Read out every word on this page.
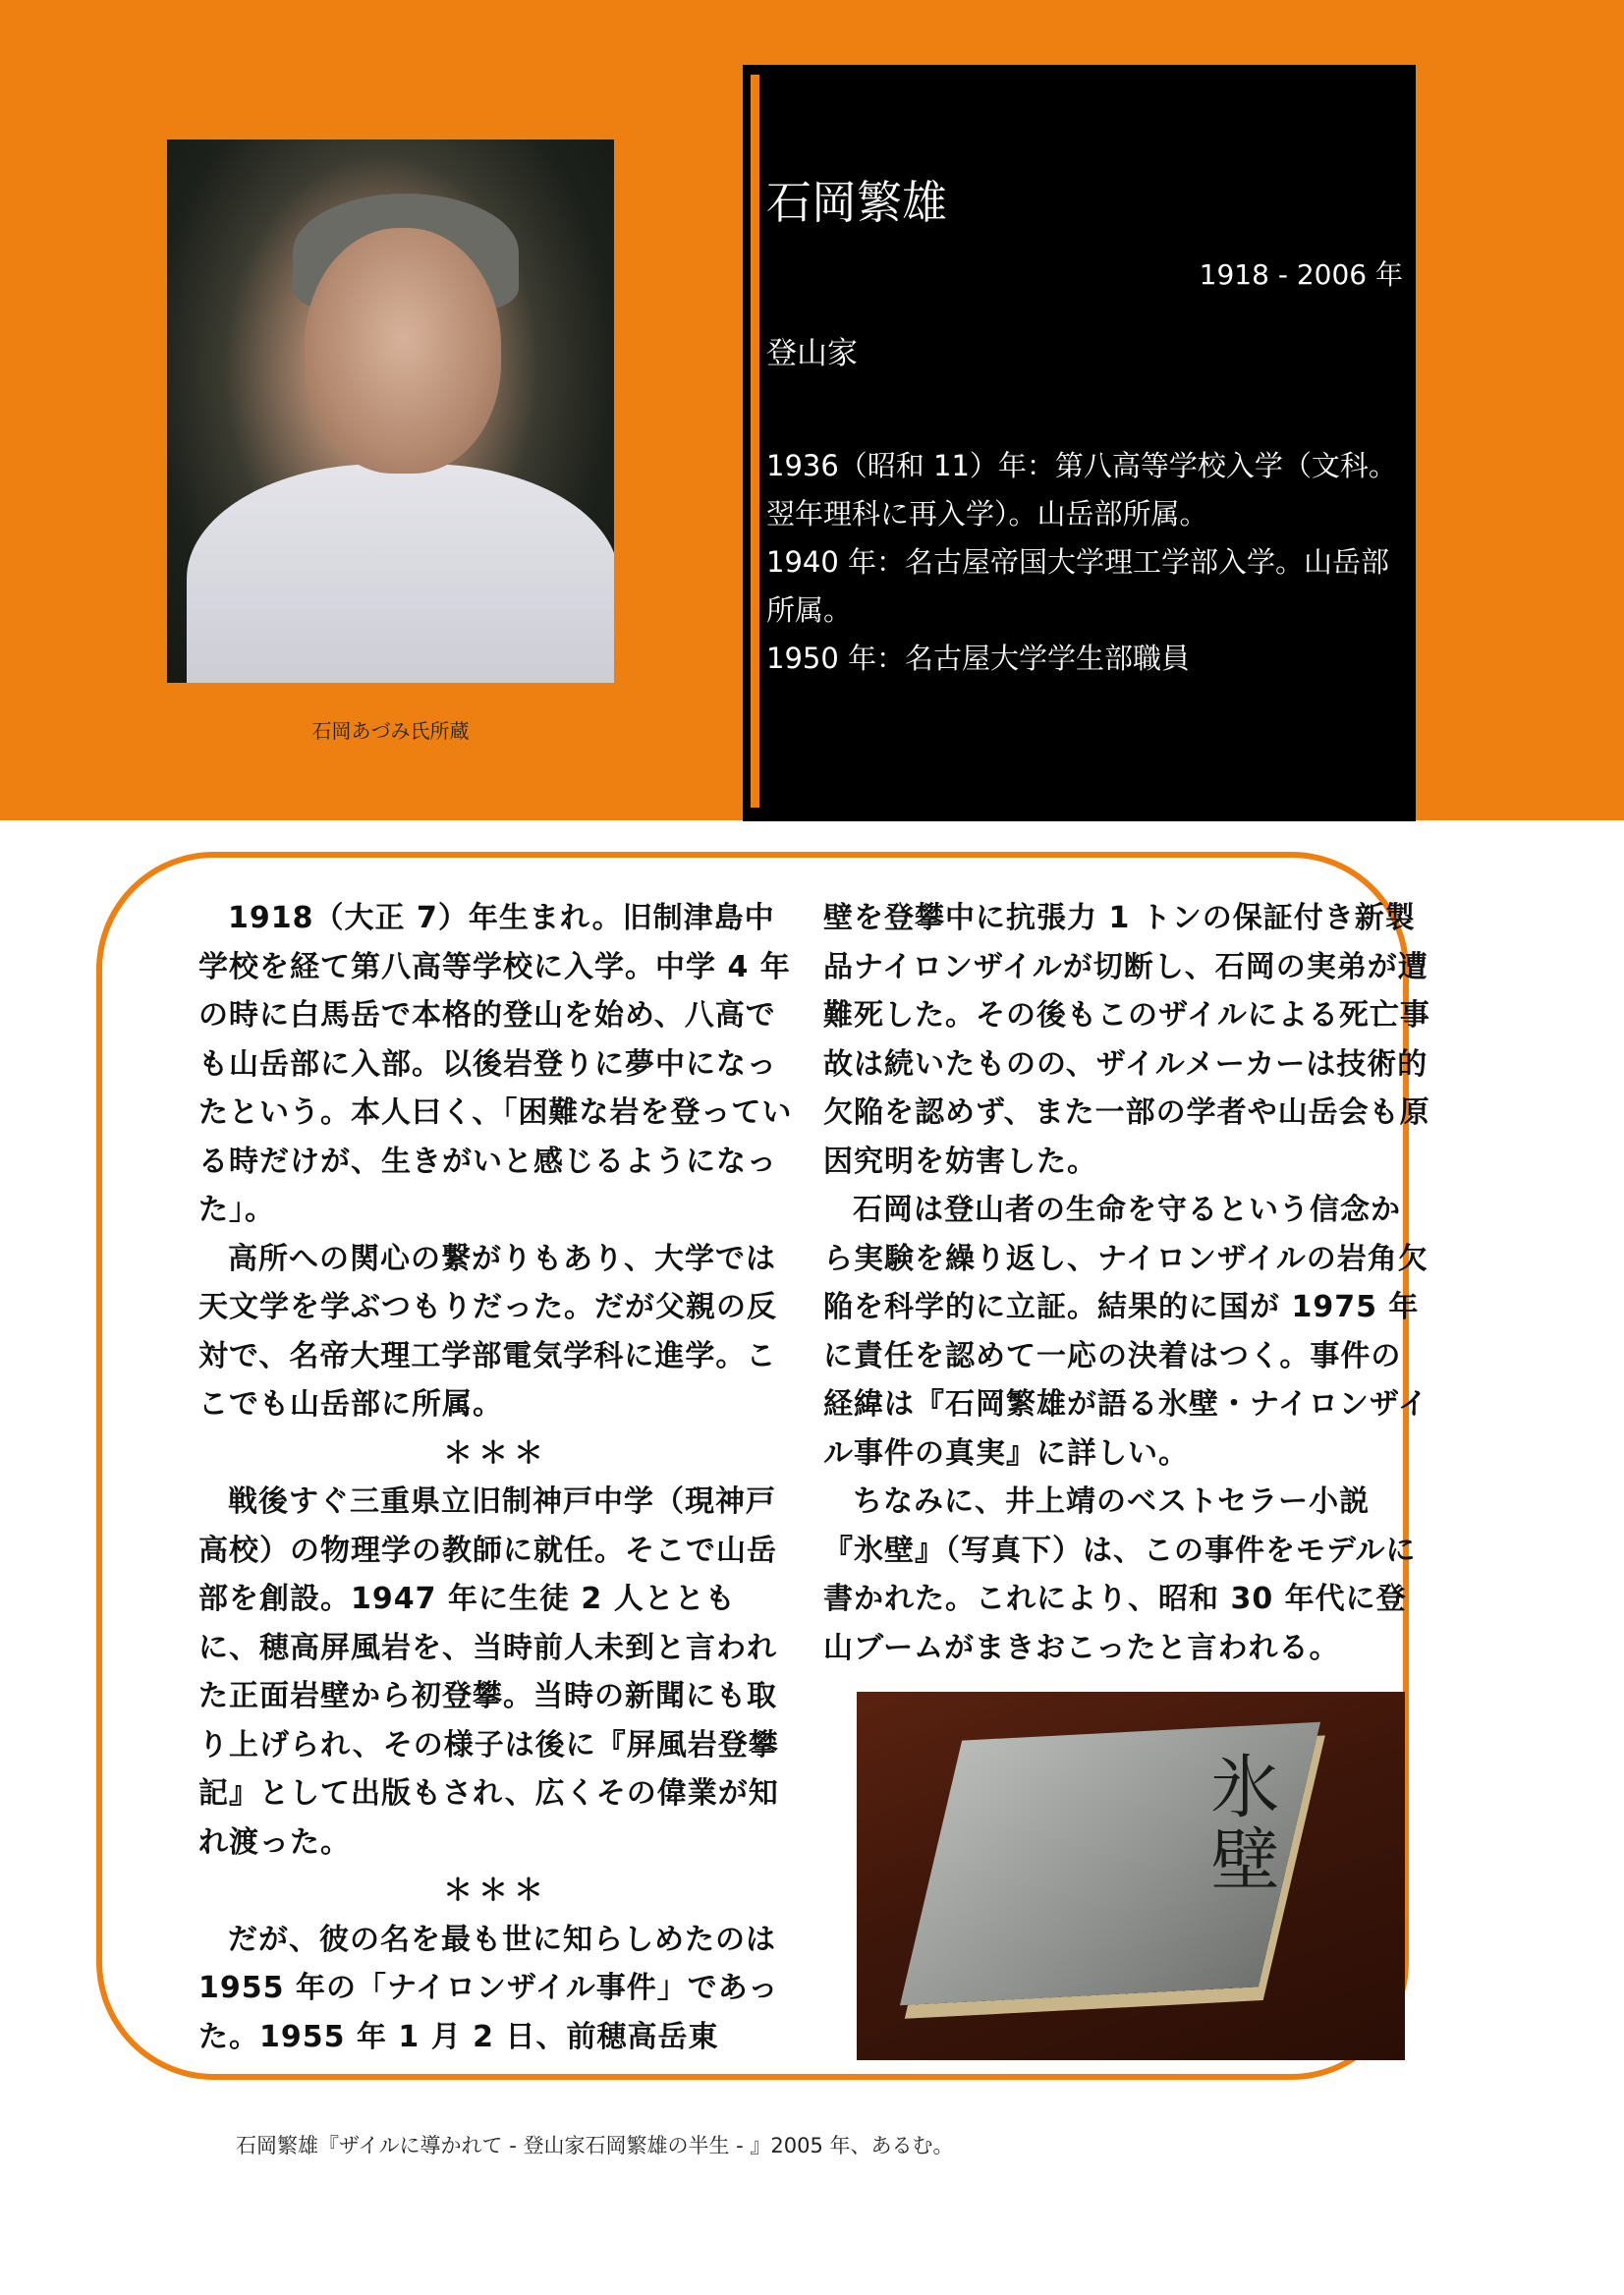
石岡あづみ氏所蔵
石岡繁雄
1918 - 2006 年
登山家

1936（昭和 11）年：第八高等学校入学（文科。翌年理科に再入学）。山岳部所属。

1940 年：名古屋帝国大学理工学部入学。山岳部所属。

1950 年：名古屋大学学生部職員

1918（大正 7）年生まれ。旧制津島中学校を経て第八高等学校に入学。中学 4 年の時に白馬岳で本格的登山を始め、八高でも山岳部に入部。以後岩登りに夢中になったという。本人曰く、「困難な岩を登っている時だけが、生きがいと感じるようになった」。

高所への関心の繋がりもあり、大学では天文学を学ぶつもりだった。だが父親の反対で、名帝大理工学部電気学科に進学。ここでも山岳部に所属。

＊＊＊

戦後すぐ三重県立旧制神戸中学（現神戸高校）の物理学の教師に就任。そこで山岳部を創設。1947 年に生徒 2 人とともに、穂高屏風岩を、当時前人未到と言われた正面岩壁から初登攀。当時の新聞にも取り上げられ、その様子は後に『屏風岩登攀記』として出版もされ、広くその偉業が知れ渡った。

＊＊＊

だが、彼の名を最も世に知らしめたのは 1955 年の「ナイロンザイル事件」であった。1955 年 1 月 2 日、前穂高岳東

壁を登攀中に抗張力 1 トンの保証付き新製品ナイロンザイルが切断し、石岡の実弟が遭難死した。その後もこのザイルによる死亡事故は続いたものの、ザイルメーカーは技術的欠陥を認めず、また一部の学者や山岳会も原因究明を妨害した。

石岡は登山者の生命を守るという信念から実験を繰り返し、ナイロンザイルの岩角欠陥を科学的に立証。結果的に国が 1975 年に責任を認めて一応の決着はつく。事件の経緯は『石岡繁雄が語る氷壁・ナイロンザイル事件の真実』に詳しい。

ちなみに、井上靖のベストセラー小説『氷壁』（写真下）は、この事件をモデルに書かれた。これにより、昭和 30 年代に登山ブームがまきおこったと言われる。

氷壁
石岡繁雄『ザイルに導かれて - 登山家石岡繁雄の半生 - 』2005 年、あるむ。
